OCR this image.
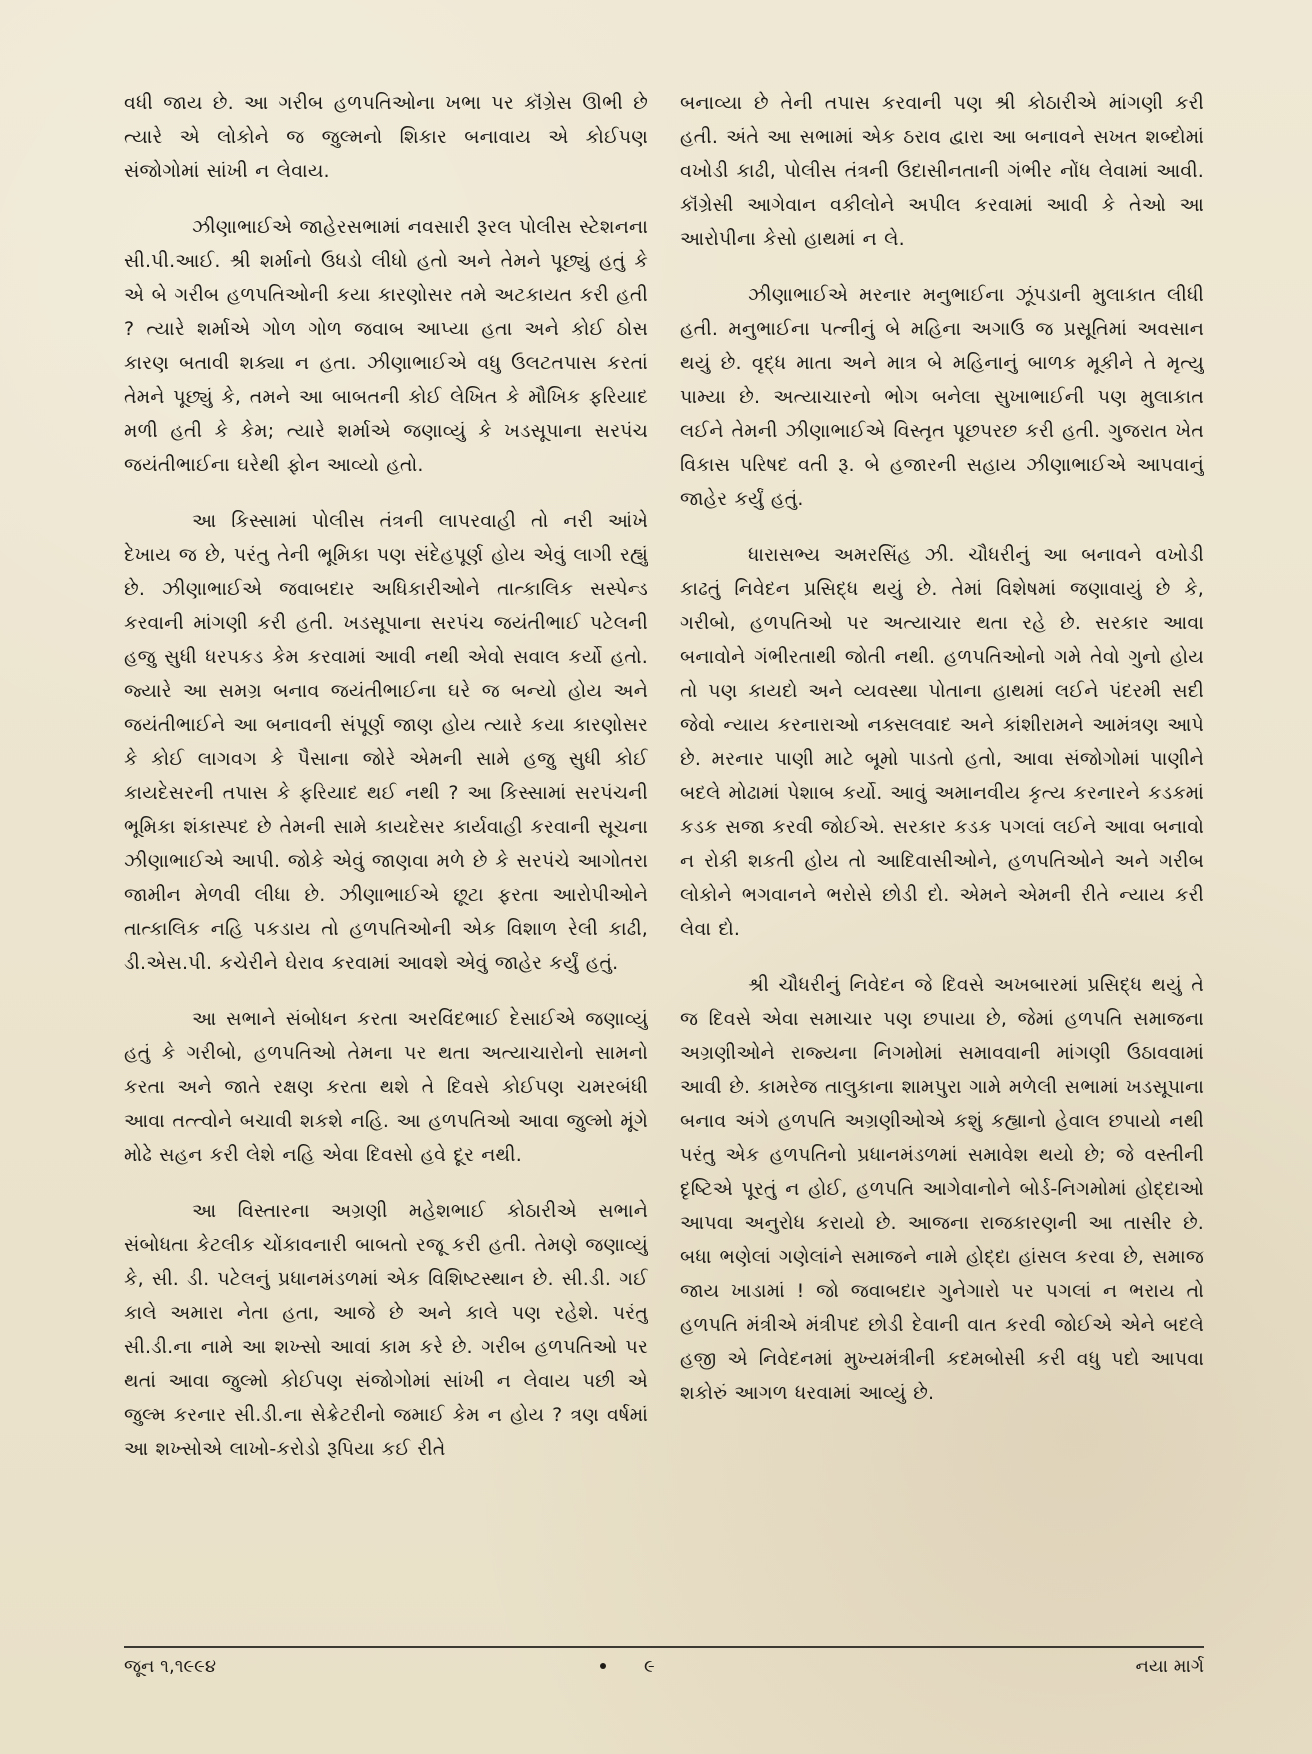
વધી જાય છે. આ ગરીબ હળપતિઓના ખભા પર કૉંગ્રેસ ઊભી છે ત્યારે એ લોકોને જ જુલ્મનો શિકાર બનાવાય એ કોઈપણ સંજોગોમાં સાંખી ન લેવાય.

ઝીણાભાઈએ જાહેરસભામાં નવસારી રૂરલ પોલીસ સ્ટેશનના સી.પી.આઈ. શ્રી શર્માનો ઉધડો લીધો હતો અને તેમને પૂછ્યું હતું કે એ બે ગરીબ હળપતિઓની કયા કારણોસર તમે અટકાયત કરી હતી ? ત્યારે શર્માએ ગોળ ગોળ જવાબ આપ્યા હતા અને કોઈ ઠોસ કારણ બતાવી શક્યા ન હતા. ઝીણાભાઈએ વધુ ઉલટતપાસ કરતાં તેમને પૂછ્યું કે, તમને આ બાબતની કોઈ લેખિત કે મૌખિક ફરિયાદ મળી હતી કે કેમ; ત્યારે શર્માએ જણાવ્યું કે ખડસૂપાના સરપંચ જયંતીભાઈના ઘરેથી ફોન આવ્યો હતો.

આ કિસ્સામાં પોલીસ તંત્રની લાપરવાહી તો નરી આંખે દેખાય જ છે, પરંતુ તેની ભૂમિકા પણ સંદેહપૂર્ણ હોય એવું લાગી રહ્યું છે. ઝીણાભાઈએ જવાબદાર અધિકારીઓને તાત્કાલિક સસ્પેન્ડ કરવાની માંગણી કરી હતી. ખડસૂપાના સરપંચ જયંતીભાઈ પટેલની હજુ સુધી ધરપકડ કેમ કરવામાં આવી નથી એવો સવાલ કર્યો હતો. જ્યારે આ સમગ્ર બનાવ જયંતીભાઈના ઘરે જ બન્યો હોય અને જયંતીભાઈને આ બનાવની સંપૂર્ણ જાણ હોય ત્યારે કયા કારણોસર કે કોઈ લાગવગ કે પૈસાના જોરે એમની સામે હજુ સુધી કોઈ કાયદેસરની તપાસ કે ફરિયાદ થઈ નથી ? આ કિસ્સામાં સરપંચની ભૂમિકા શંકાસ્પદ છે તેમની સામે કાયદેસર કાર્યવાહી કરવાની સૂચના ઝીણાભાઈએ આપી. જોકે એવું જાણવા મળે છે કે સરપંચે આગોતરા જામીન મેળવી લીધા છે. ઝીણાભાઈએ છૂટા ફરતા આરોપીઓને તાત્કાલિક નહિ પકડાય તો હળપતિઓની એક વિશાળ રેલી કાઢી, ડી.એસ.પી. કચેરીને ઘેરાવ કરવામાં આવશે એવું જાહેર કર્યું હતું.

આ સભાને સંબોધન કરતા અરવિંદભાઈ દેસાઈએ જણાવ્યું હતું કે ગરીબો, હળપતિઓ તેમના પર થતા અત્યાચારોનો સામનો કરતા અને જાતે રક્ષણ કરતા થશે તે દિવસે કોઈપણ ચમરબંધી આવા તત્ત્વોને બચાવી શકશે નહિ. આ હળપતિઓ આવા જુલ્મો મૂંગે મોઢે સહન કરી લેશે નહિ એવા દિવસો હવે દૂર નથી.

આ વિસ્તારના અગ્રણી મહેશભાઈ કોઠારીએ સભાને સંબોધતા કેટલીક ચોંકાવનારી બાબતો રજૂ કરી હતી. તેમણે જણાવ્યું કે, સી. ડી. પટેલનું પ્રધાનમંડળમાં એક વિશિષ્ટસ્થાન છે. સી.ડી. ગઈ કાલે અમારા નેતા હતા, આજે છે અને કાલે પણ રહેશે. પરંતુ સી.ડી.ના નામે આ શખ્સો આવાં કામ કરે છે. ગરીબ હળપતિઓ પર થતાં આવા જુલ્મો કોઈપણ સંજોગોમાં સાંખી ન લેવાય પછી એ જુલ્મ કરનાર સી.ડી.ના સેક્રેટરીનો જમાઈ કેમ ન હોય ? ત્રણ વર્ષમાં આ શખ્સોએ લાખો-કરોડો રૂપિયા કઈ રીતે

બનાવ્યા છે તેની તપાસ કરવાની પણ શ્રી કોઠારીએ માંગણી કરી હતી. અંતે આ સભામાં એક ઠરાવ દ્વારા આ બનાવને સખત શબ્દોમાં વખોડી કાઢી, પોલીસ તંત્રની ઉદાસીનતાની ગંભીર નોંધ લેવામાં આવી. કૉંગ્રેસી આગેવાન વકીલોને અપીલ કરવામાં આવી કે તેઓ આ આરોપીના કેસો હાથમાં ન લે.

ઝીણાભાઈએ મરનાર મનુભાઈના ઝૂંપડાની મુલાકાત લીધી હતી. મનુભાઈના પત્નીનું બે મહિના અગાઉ જ પ્રસૂતિમાં અવસાન થયું છે. વૃદ્ધ માતા અને માત્ર બે મહિનાનું બાળક મૂકીને તે મૃત્યુ પામ્યા છે. અત્યાચારનો ભોગ બનેલા સુખાભાઈની પણ મુલાકાત લઈને તેમની ઝીણાભાઈએ વિસ્તૃત પૂછપરછ કરી હતી. ગુજરાત ખેત વિકાસ પરિષદ વતી રૂ. બે હજારની સહાય ઝીણાભાઈએ આપવાનું જાહેર કર્યું હતું.

ધારાસભ્ય અમરસિંહ ઝી. ચૌધરીનું આ બનાવને વખોડી કાઢતું નિવેદન પ્રસિદ્ધ થયું છે. તેમાં વિશેષમાં જણાવાયું છે કે, ગરીબો, હળપતિઓ પર અત્યાચાર થતા રહે છે. સરકાર આવા બનાવોને ગંભીરતાથી જોતી નથી. હળપતિઓનો ગમે તેવો ગુનો હોય તો પણ કાયદો અને વ્યવસ્થા પોતાના હાથમાં લઈને પંદરમી સદી જેવો ન્યાય કરનારાઓ નક્સલવાદ અને કાંશીરામને આમંત્રણ આપે છે. મરનાર પાણી માટે બૂમો પાડતો હતો, આવા સંજોગોમાં પાણીને બદલે મોઢામાં પેશાબ કર્યો. આવું અમાનવીય કૃત્ય કરનારને કડકમાં કડક સજા કરવી જોઈએ. સરકાર કડક પગલાં લઈને આવા બનાવો ન રોકી શકતી હોય તો આદિવાસીઓને, હળપતિઓને અને ગરીબ લોકોને ભગવાનને ભરોસે છોડી દો. એમને એમની રીતે ન્યાય કરી લેવા દો.

શ્રી ચૌધરીનું નિવેદન જે દિવસે અખબારમાં પ્રસિદ્ધ થયું તે જ દિવસે એવા સમાચાર પણ છપાયા છે, જેમાં હળપતિ સમાજના અગ્રણીઓને રાજ્યના નિગમોમાં સમાવવાની માંગણી ઉઠાવવામાં આવી છે. કામરેજ તાલુકાના શામપુરા ગામે મળેલી સભામાં ખડસૂપાના બનાવ અંગે હળપતિ અગ્રણીઓએ કશું કહ્યાનો હેવાલ છપાયો નથી પરંતુ એક હળપતિનો પ્રધાનમંડળમાં સમાવેશ થયો છે; જે વસ્તીની દૃષ્ટિએ પૂરતું ન હોઈ, હળપતિ આગેવાનોને બોર્ડ-નિગમોમાં હોદ્દાઓ આપવા અનુરોધ કરાયો છે. આજના રાજકારણની આ તાસીર છે. બધા ભણેલાં ગણેલાંને સમાજને નામે હોદ્દા હાંસલ કરવા છે, સમાજ જાય ખાડામાં ! જો જવાબદાર ગુનેગારો પર પગલાં ન ભરાય તો હળપતિ મંત્રીએ મંત્રીપદ છોડી દેવાની વાત કરવી જોઈએ એને બદલે હજી એ નિવેદનમાં મુખ્યમંત્રીની કદમબોસી કરી વધુ પદો આપવા શકોરું આગળ ધરવામાં આવ્યું છે.

જૂન ૧,૧૯૯૪	૯	નયા માર્ગ
